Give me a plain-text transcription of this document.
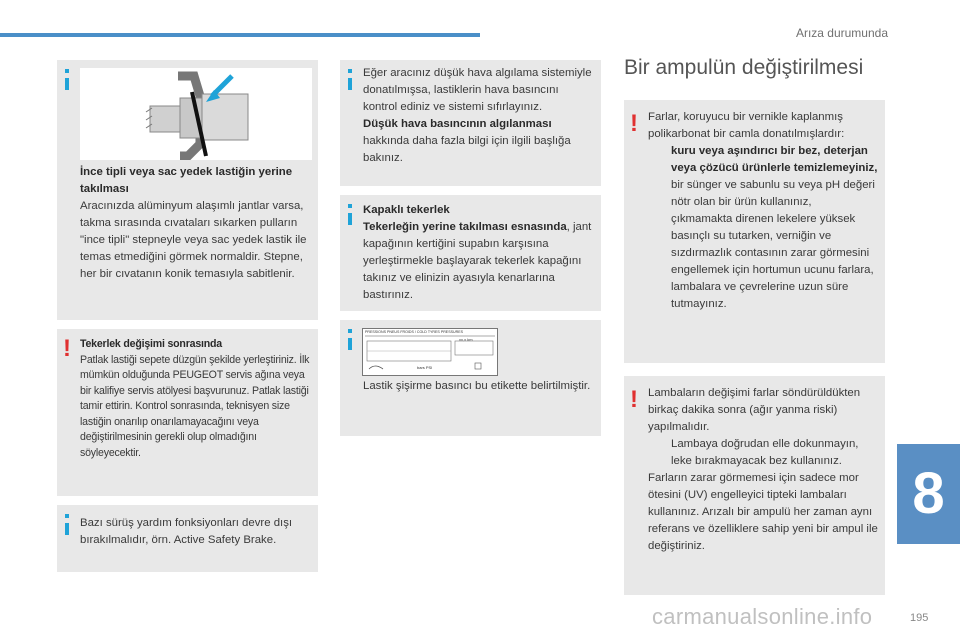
Arıza durumunda
İnce tipli veya sac yedek lastiğin yerine takılması
Aracınızda alüminyum alaşımlı jantlar varsa, takma sırasında cıvataları sıkarken pulların "ince tipli" stepneyle veya sac yedek lastik ile temas etmediğini görmek normaldir. Stepne, her bir cıvatanın konik temasıyla sabitlenir.
! Tekerlek değişimi sonrasında
Patlak lastiği sepete düzgün şekilde yerleştiriniz. İlk mümkün olduğunda PEUGEOT servis ağına veya bir kalifiye servis atölyesi başvurunuz. Patlak lastiği tamir ettirin. Kontrol sonrasında, teknisyen size lastiğin onarılıp onarılamayacağını veya değiştirilmesinin gerekli olup olmadığını söyleyecektir.
Bazı sürüş yardım fonksiyonları devre dışı bırakılmalıdır, örn. Active Safety Brake.
Eğer aracınız düşük hava algılama sistemiyle donatılmışsa, lastiklerin hava basıncını kontrol ediniz ve sistemi sıfırlayınız.
Düşük hava basıncının algılanması
hakkında daha fazla bilgi için ilgili başlığa bakınız.
Kapaklı tekerlek
Tekerleğin yerine takılması esnasında, jant kapağının kertiğini supabın karşısına yerleştirmekle başlayarak tekerlek kapağını takınız ve elinizin ayasıyla kenarlarına bastırınız.
PRESSIONS PNEUS FROIDS / COLD TYRES PRESSURES
xx,x km
bars PSI
Lastik şişirme basıncı bu etikette belirtilmiştir.
Bir ampulün değiştirilmesi
! Farlar, koruyucu bir vernikle kaplanmış polikarbonat bir camla donatılmışlardır:
kuru veya aşındırıcı bir bez, deterjan veya çözücü ürünlerle temizlemeyiniz,
bir sünger ve sabunlu su veya pH değeri nötr olan bir ürün kullanınız,
çıkmamakta direnen lekelere yüksek basınçlı su tutarken, verniğin ve sızdırmazlık contasının zarar görmesini engellemek için hortumun ucunu farlara, lambalara ve çevrelerine uzun süre tutmayınız.
! Lambaların değişimi farlar söndürüldükten birkaç dakika sonra (ağır yanma riski) yapılmalıdır.
Lambaya doğrudan elle dokunmayın, leke bırakmayacak bez kullanınız.
Farların zarar görmemesi için sadece mor ötesini (UV) engelleyici tipteki lambaları kullanınız. Arızalı bir ampulü her zaman aynı referans ve özelliklere sahip yeni bir ampul ile değiştiriniz.
8
195
carmanualsonline.info
